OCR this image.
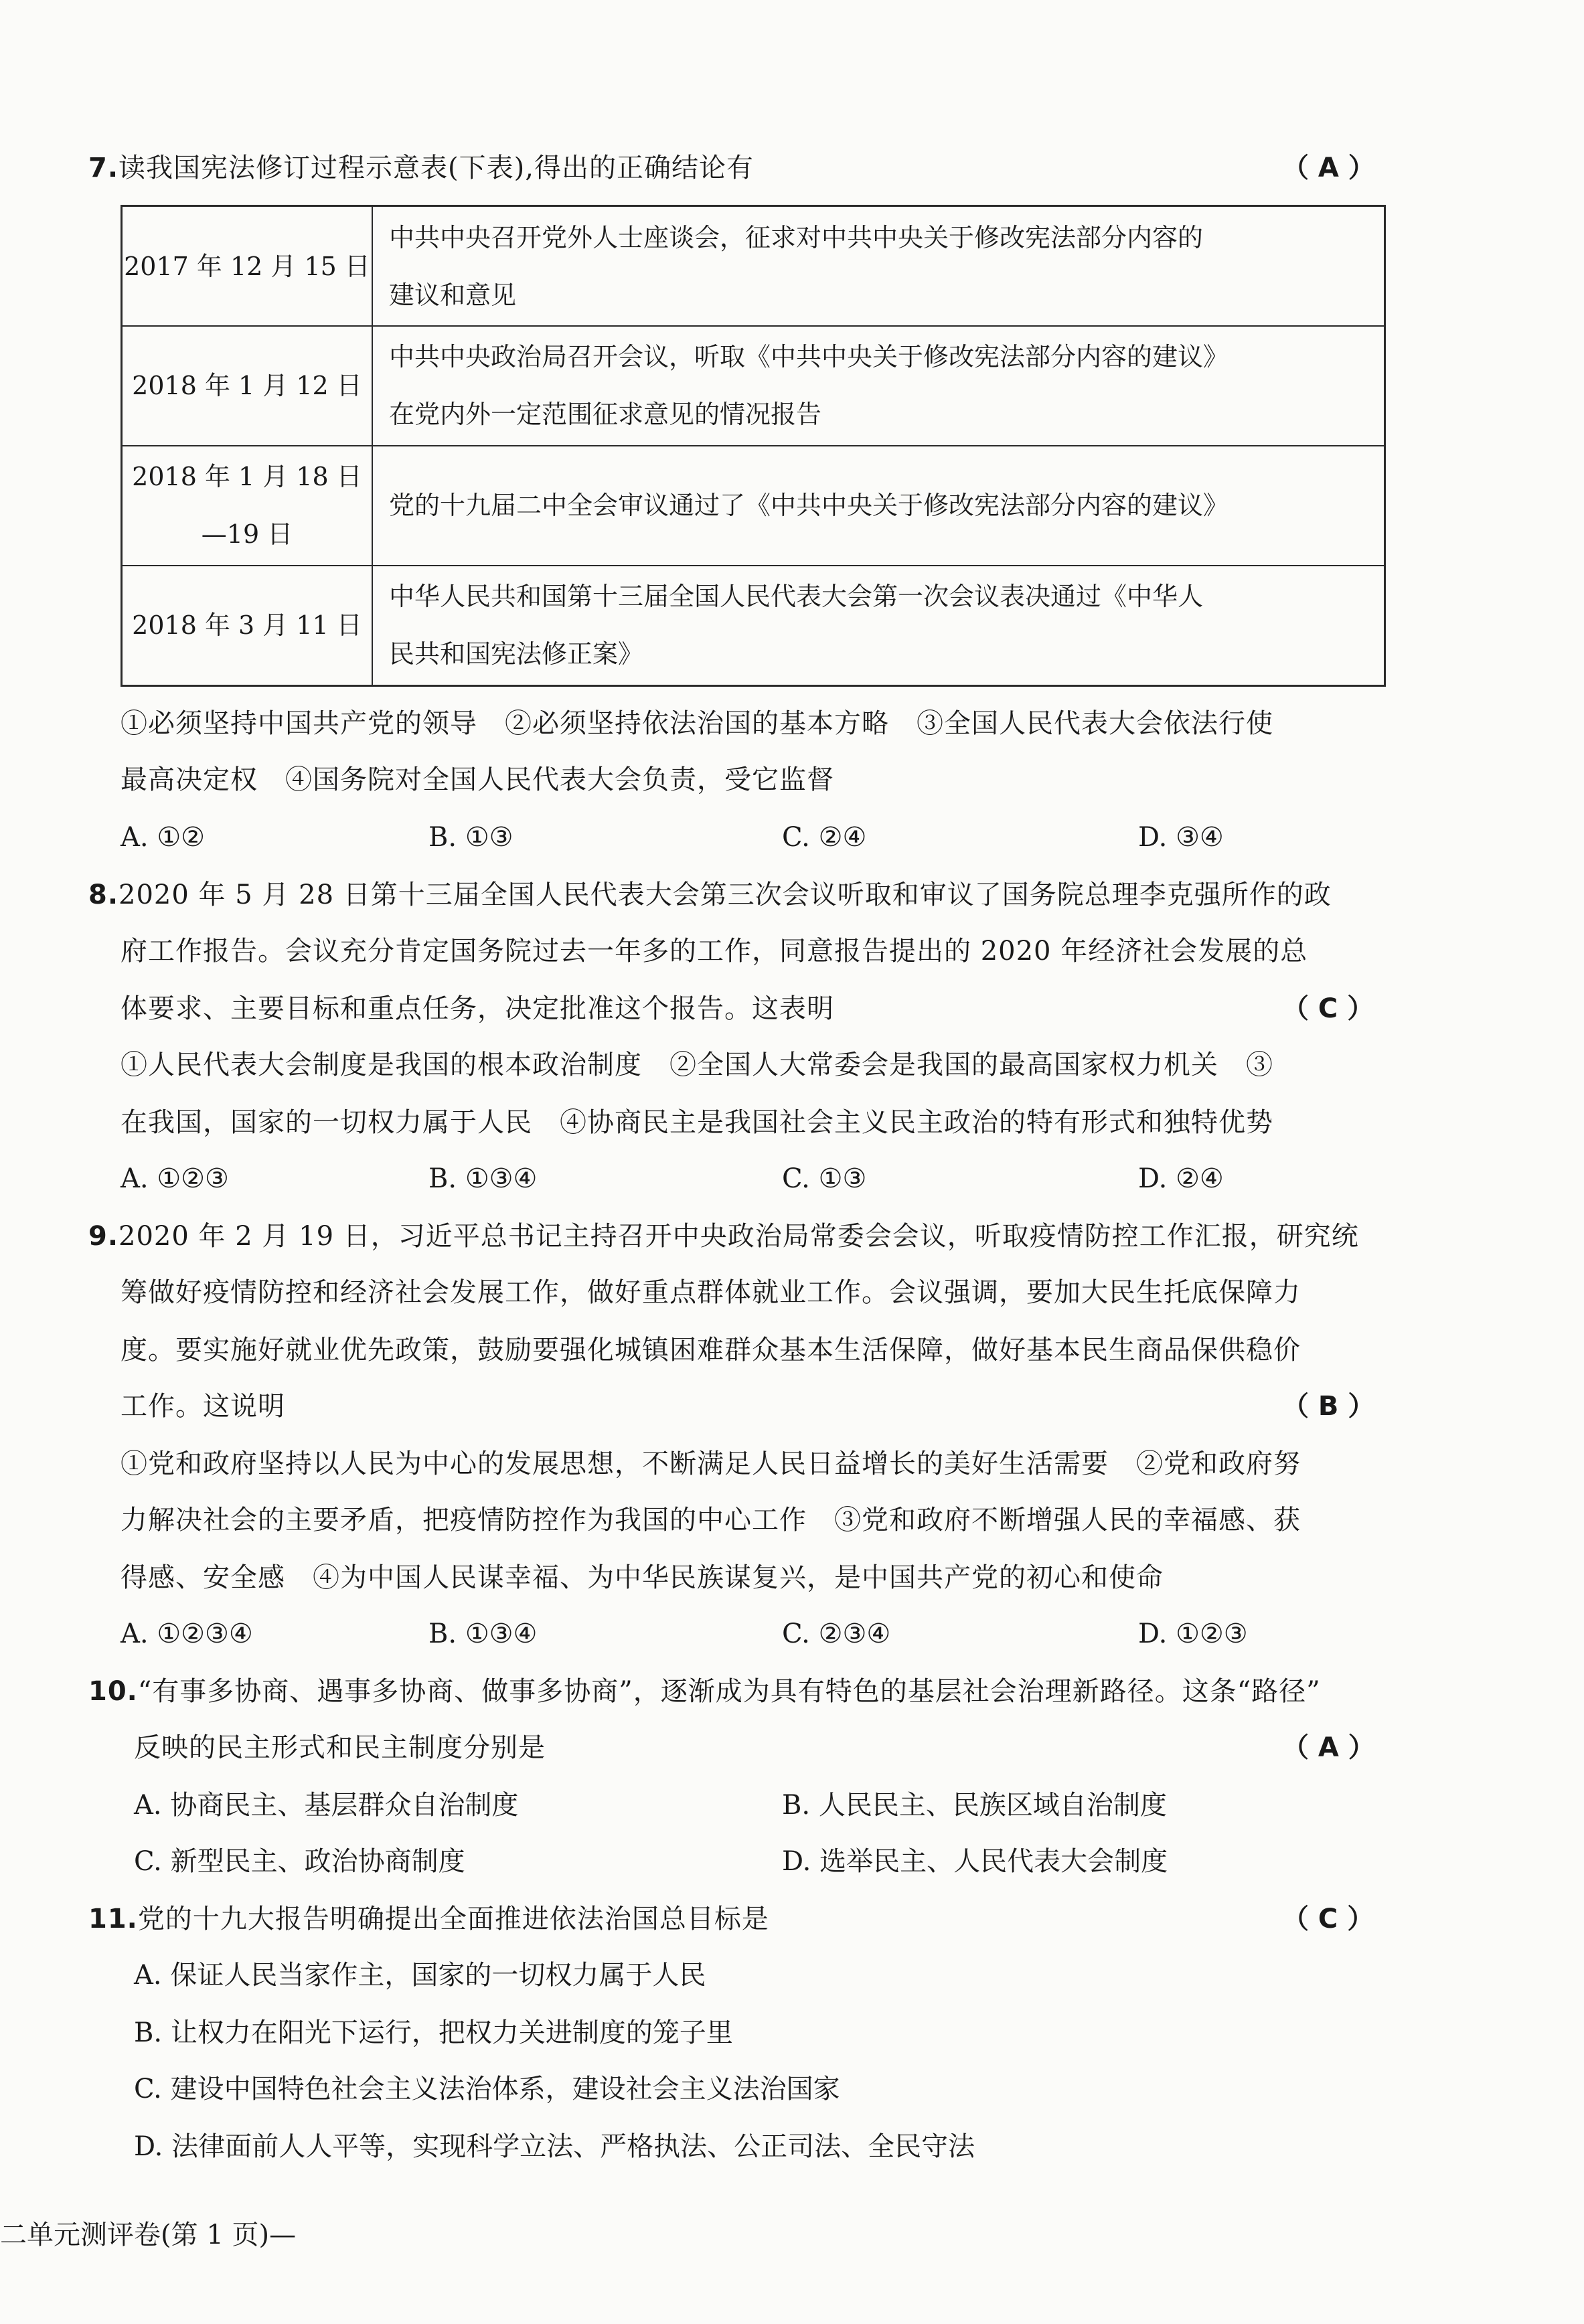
7.读我国宪法修订过程示意表(下表),得出的正确结论有	（ A ）
2017 年 12 月 15 日	中共中央召开党外人士座谈会，征求对中共中央关于修改宪法部分内容的
建议和意见
2018 年 1 月 12 日	中共中央政治局召开会议，听取《中共中央关于修改宪法部分内容的建议》
在党内外一定范围征求意见的情况报告
2018 年 1 月 18 日
—19 日	党的十九届二中全会审议通过了《中共中央关于修改宪法部分内容的建议》
2018 年 3 月 11 日	中华人民共和国第十三届全国人民代表大会第一次会议表决通过《中华人
民共和国宪法修正案》
①必须坚持中国共产党的领导　②必须坚持依法治国的基本方略　③全国人民代表大会依法行使
最高决定权　④国务院对全国人民代表大会负责，受它监督
A. ①②	B. ①③	C. ②④	D. ③④
8.2020 年 5 月 28 日第十三届全国人民代表大会第三次会议听取和审议了国务院总理李克强所作的政
府工作报告。会议充分肯定国务院过去一年多的工作，同意报告提出的 2020 年经济社会发展的总
体要求、主要目标和重点任务，决定批准这个报告。这表明	（ C ）
①人民代表大会制度是我国的根本政治制度　②全国人大常委会是我国的最高国家权力机关　③
在我国，国家的一切权力属于人民　④协商民主是我国社会主义民主政治的特有形式和独特优势
A. ①②③	B. ①③④	C. ①③	D. ②④
9.2020 年 2 月 19 日，习近平总书记主持召开中央政治局常委会会议，听取疫情防控工作汇报，研究统
筹做好疫情防控和经济社会发展工作，做好重点群体就业工作。会议强调，要加大民生托底保障力
度。要实施好就业优先政策，鼓励要强化城镇困难群众基本生活保障，做好基本民生商品保供稳价
工作。这说明	（ B ）
①党和政府坚持以人民为中心的发展思想，不断满足人民日益增长的美好生活需要　②党和政府努
力解决社会的主要矛盾，把疫情防控作为我国的中心工作　③党和政府不断增强人民的幸福感、获
得感、安全感　④为中国人民谋幸福、为中华民族谋复兴，是中国共产党的初心和使命
A. ①②③④	B. ①③④	C. ②③④	D. ①②③
10.“有事多协商、遇事多协商、做事多协商”，逐渐成为具有特色的基层社会治理新路径。这条“路径”
反映的民主形式和民主制度分别是	（ A ）
A. 协商民主、基层群众自治制度	B. 人民民主、民族区域自治制度
C. 新型民主、政治协商制度	D. 选举民主、人民代表大会制度
11.党的十九大报告明确提出全面推进依法治国总目标是	（ C ）
A. 保证人民当家作主，国家的一切权力属于人民
B. 让权力在阳光下运行，把权力关进制度的笼子里
C. 建设中国特色社会主义法治体系，建设社会主义法治国家
D. 法律面前人人平等，实现科学立法、严格执法、公正司法、全民守法
二单元测评卷(第 1 页)—
